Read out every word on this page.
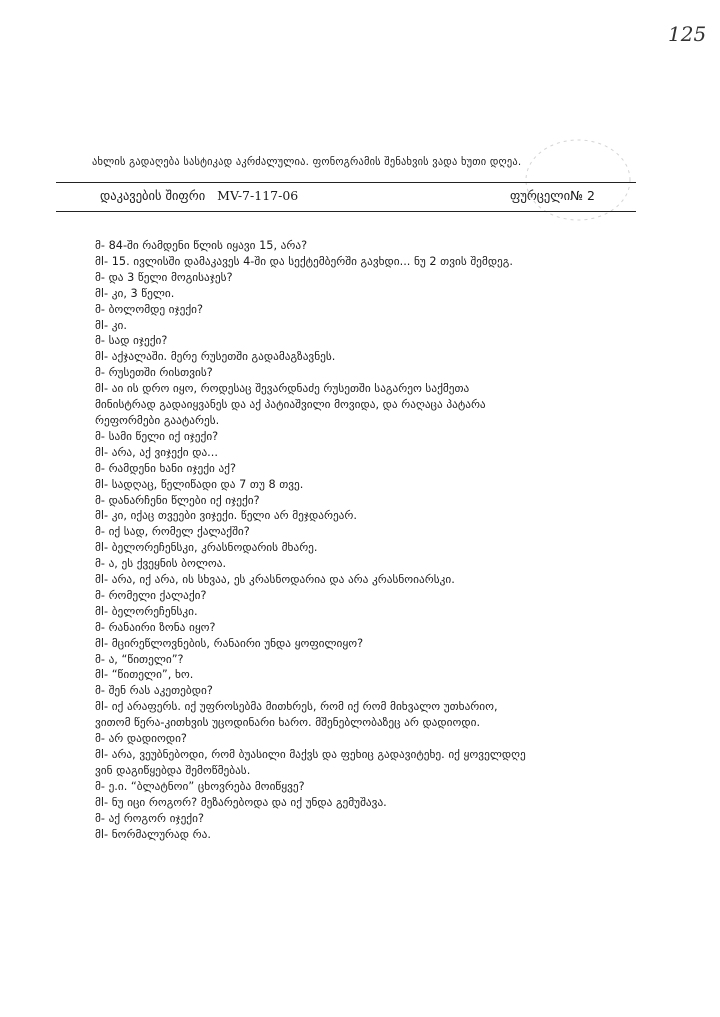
125
ახლის გადაღება სასტიკად აკრძალულია. ფონოგრამის შენახვის ვადა ხუთი დღეა.
დაკავების შიფრი MV-7-117-06	ფურცელი№ 2
მ- 84-ში რამდენი წლის იყავი 15, არა?
მl- 15. ივლისში დამაკავეს 4-ში და სექტემბერში გავხდი... ნუ 2 თვის შემდეგ.
მ- და 3 წელი მოგისაჯეს?
მl- კი, 3 წელი.
მ- ბოლომდე იჯექი?
მl- კი.
მ- სად იჯექი?
მl- აქჯალაში. მერე რუსეთში გადამაგზავნეს.
მ- რუსეთში რისთვის?
მl- აი ის დრო იყო, როდესაც შევარდნაძე რუსეთში საგარეო საქმეთა
მინისტრად გადაიყვანეს და აქ პატიაშვილი მოვიდა, და რაღაცა პატარა
რეფორმები გაატარეს.
მ- სამი წელი იქ იჯექი?
მl- არა, აქ ვიჯექი და...
მ- რამდენი ხანი იჯექი აქ?
მl- სადღაც, წელიწადი და 7 თუ 8 თვე.
მ- დანარჩენი წლები იქ იჯექი?
მl- კი, იქაც თვეები ვიჯექი. წელი არ მეჯდარეარ.
მ- იქ სად, რომელ ქალაქში?
მl- ბელორეჩენსკი, კრასნოდარის მხარე.
მ- ა, ეს ქვეყნის ბოლოა.
მl- არა, იქ არა, ის სხვაა, ეს კრასნოდარია და არა კრასნოიარსკი.
მ- რომელი ქალაქი?
მl- ბელორეჩენსკი.
მ- რანაირი ზონა იყო?
მl- მცირეწლოვნების, რანაირი უნდა ყოფილიყო?
მ- ა, “წითელი”?
მl- “წითელი”, ხო.
მ- შენ რას აკეთებდი?
მl- იქ არაფერს. იქ უფროსებმა მითხრეს, რომ იქ რომ მიხვალო უთხარიო,
ვითომ წერა-კითხვის უცოდინარი ხარო. მშენებლობაზეც არ დადიოდი.
მ- არ დადიოდი?
მl- არა, ვეუბნებოდი, რომ ბუასილი მაქვს და ფეხიც გადავიტეხე. იქ ყოველდღე
ვინ დაგიწყებდა შემოწმებას.
მ- ე.ი. “ბლატნოი” ცხოვრება მოიწყვე?
მl- ნუ იცი როგორ? მეზარებოდა და იქ უნდა გემუშავა.
მ- აქ როგორ იჯექი?
მl- ნორმალურად რა.
